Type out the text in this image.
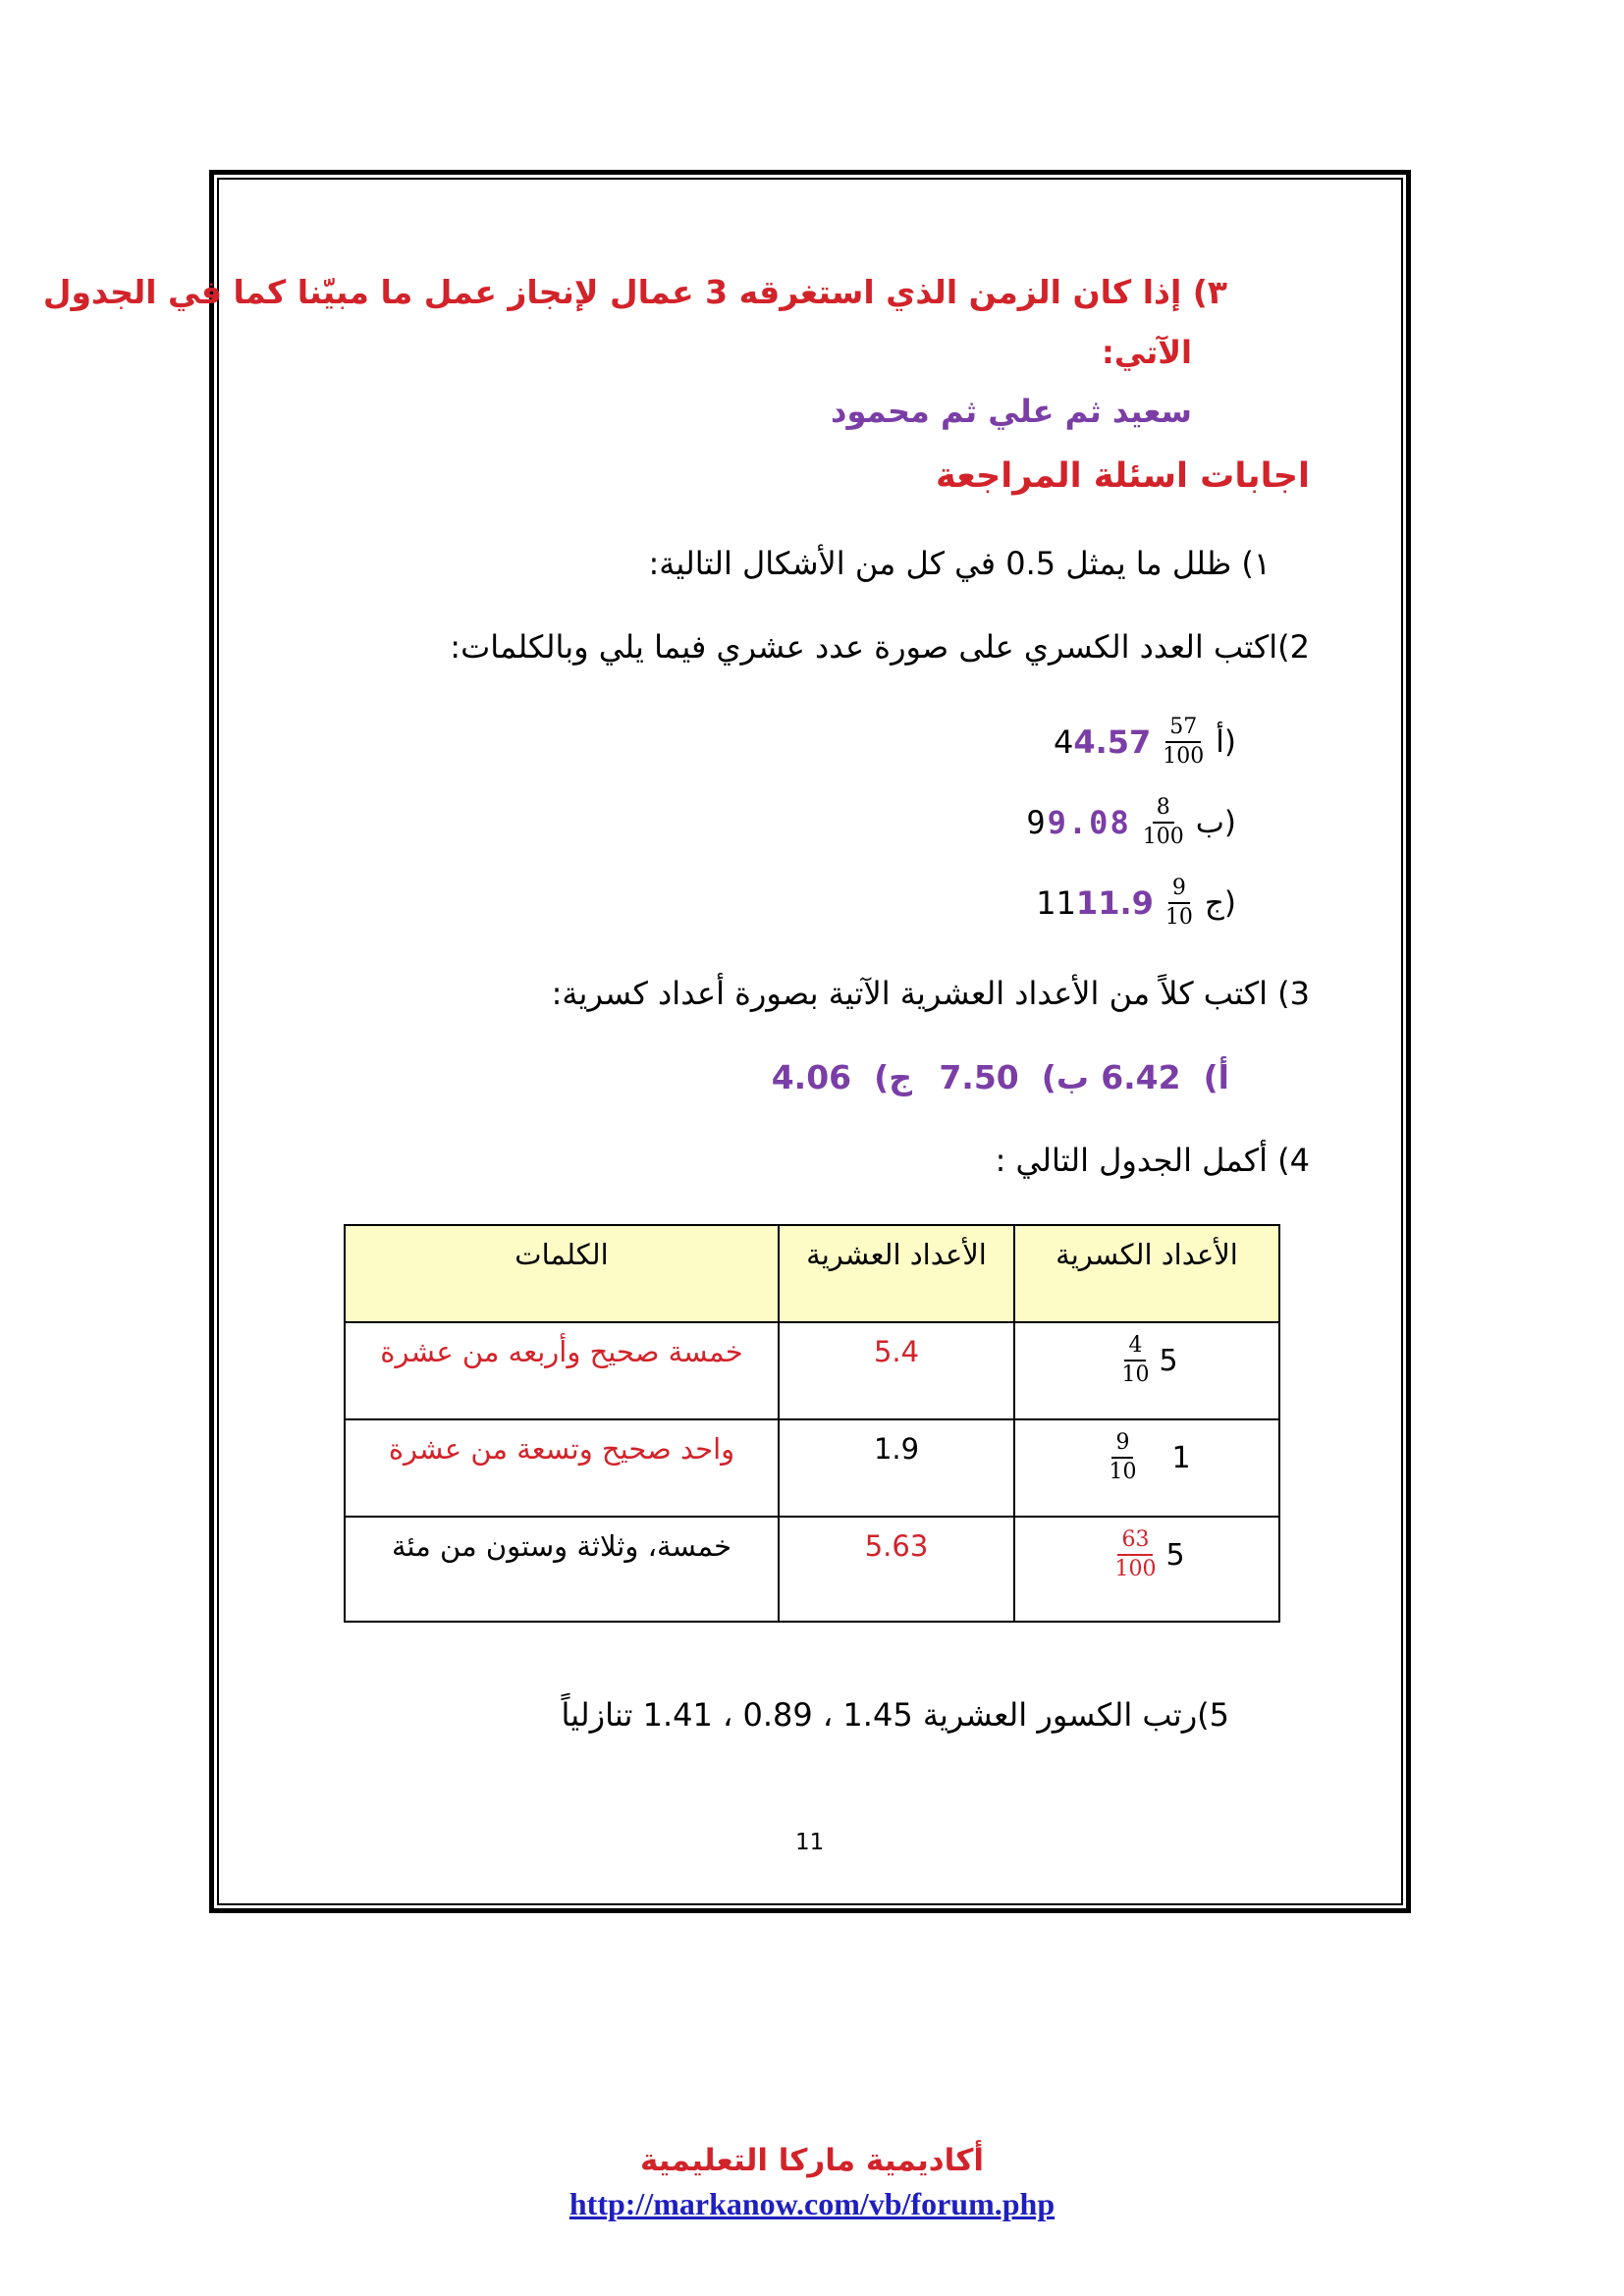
٣) إذا كان الزمن الذي استغرقه 3 عمال لإنجاز عمل ما مبيّنا كما في الجدول
الآتي:
سعيد ثم علي ثم محمود
اجابات اسئلة المراجعة
١) ظلل ما يمثل 0.5 في كل من الأشكال التالية:
2)اكتب العدد الكسري على صورة عدد عشري فيما يلي وبالكلمات:
أ)
$\frac{57}{100}$
44.57
ب)
$\frac{8}{100}$
99.08
ج)
$\frac{9}{10}$
1111.9
3) اكتب كلاً من الأعداد العشرية الآتية بصورة أعداد كسرية:
أ)  6.42
ب)  7.50
ج)  4.06
4) أكمل الجدول التالي :
الأعداد الكسرية	الأعداد العشرية	الكلمات

$\frac{4}{10} 5$	5.4	خمسة صحيح وأربعه من عشرة

$\frac{9}{10} 1$	1.9	واحد صحيح وتسعة من عشرة

$\frac{63}{100} 5$	5.63	خمسة، وثلاثة وستون من مئة
5)رتب الكسور العشرية 1.45 ، 0.89 ، 1.41 تنازلياً
11
أكاديمية ماركا التعليمية
http://markanow.com/vb/forum.php
